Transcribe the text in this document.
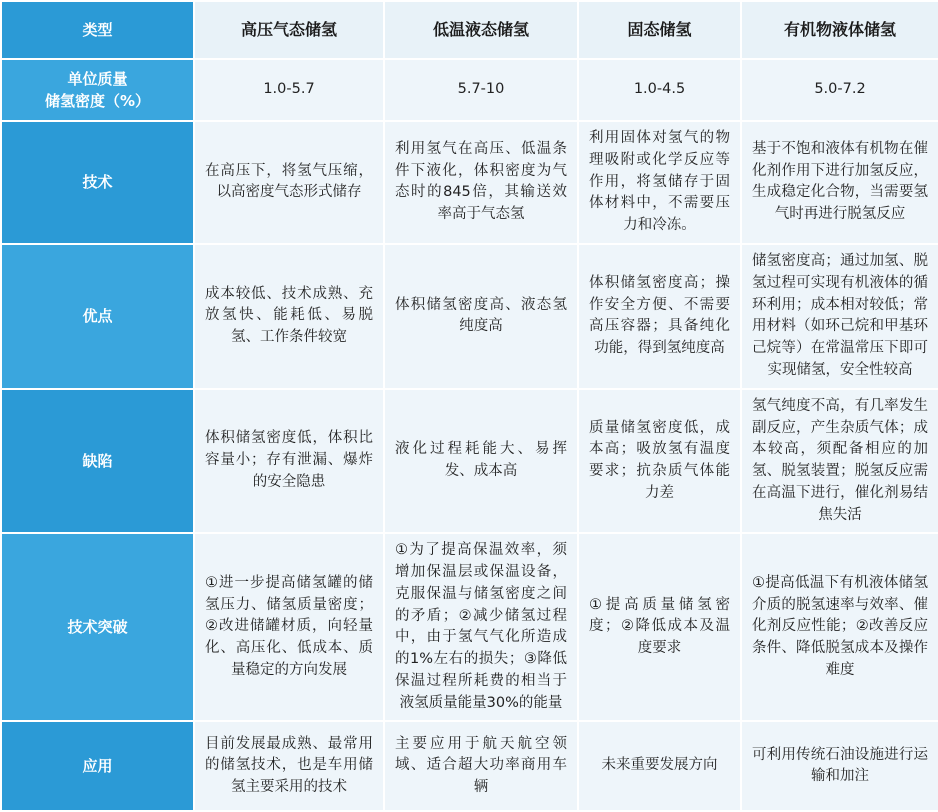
类型	高压气态储氢	低温液态储氢	固态储氢	有机物液体储氢

单位质量
储氢密度（%）	1.0-5.7	5.7-10	1.0-4.5	5.0-7.2
技术	在高压下，将氢气压缩，以高密度气态形式储存	利用氢气在高压、低温条件下液化，体积密度为气态时的845倍，其输送效率高于气态氢	利用固体对氢气的物理吸附或化学反应等作用，将氢储存于固体材料中，不需要压力和冷冻。	基于不饱和液体有机物在催化剂作用下进行加氢反应，生成稳定化合物，当需要氢气时再进行脱氢反应
优点	成本较低、技术成熟、充放氢快、能耗低、易脱氢、工作条件较宽	体积储氢密度高、液态氢纯度高	体积储氢密度高；操作安全方便、不需要高压容器；具备纯化功能，得到氢纯度高	储氢密度高；通过加氢、脱氢过程可实现有机液体的循环利用；成本相对较低；常用材料（如环己烷和甲基环己烷等）在常温常压下即可实现储氢，安全性较高
缺陷	体积储氢密度低，体积比容量小；存有泄漏、爆炸的安全隐患	液化过程耗能大、易挥发、成本高	质量储氢密度低，成本高；吸放氢有温度要求；抗杂质气体能力差	氢气纯度不高，有几率发生副反应，产生杂质气体；成本较高，须配备相应的加氢、脱氢装置；脱氢反应需在高温下进行，催化剂易结焦失活
技术突破	①进一步提高储氢罐的储氢压力、储氢质量密度；②改进储罐材质，向轻量化、高压化、低成本、质量稳定的方向发展	①为了提高保温效率，须增加保温层或保温设备，克服保温与储氢密度之间的矛盾；②减少储氢过程中，由于氢气气化所造成的1%左右的损失；③降低保温过程所耗费的相当于液氢质量能量30%的能量	①提高质量储氢密度；②降低成本及温度要求	①提高低温下有机液体储氢介质的脱氢速率与效率、催化剂反应性能；②改善反应条件、降低脱氢成本及操作难度
应用	目前发展最成熟、最常用的储氢技术，也是车用储氢主要采用的技术	主要应用于航天航空领域、适合超大功率商用车辆	未来重要发展方向	可利用传统石油设施进行运输和加注
